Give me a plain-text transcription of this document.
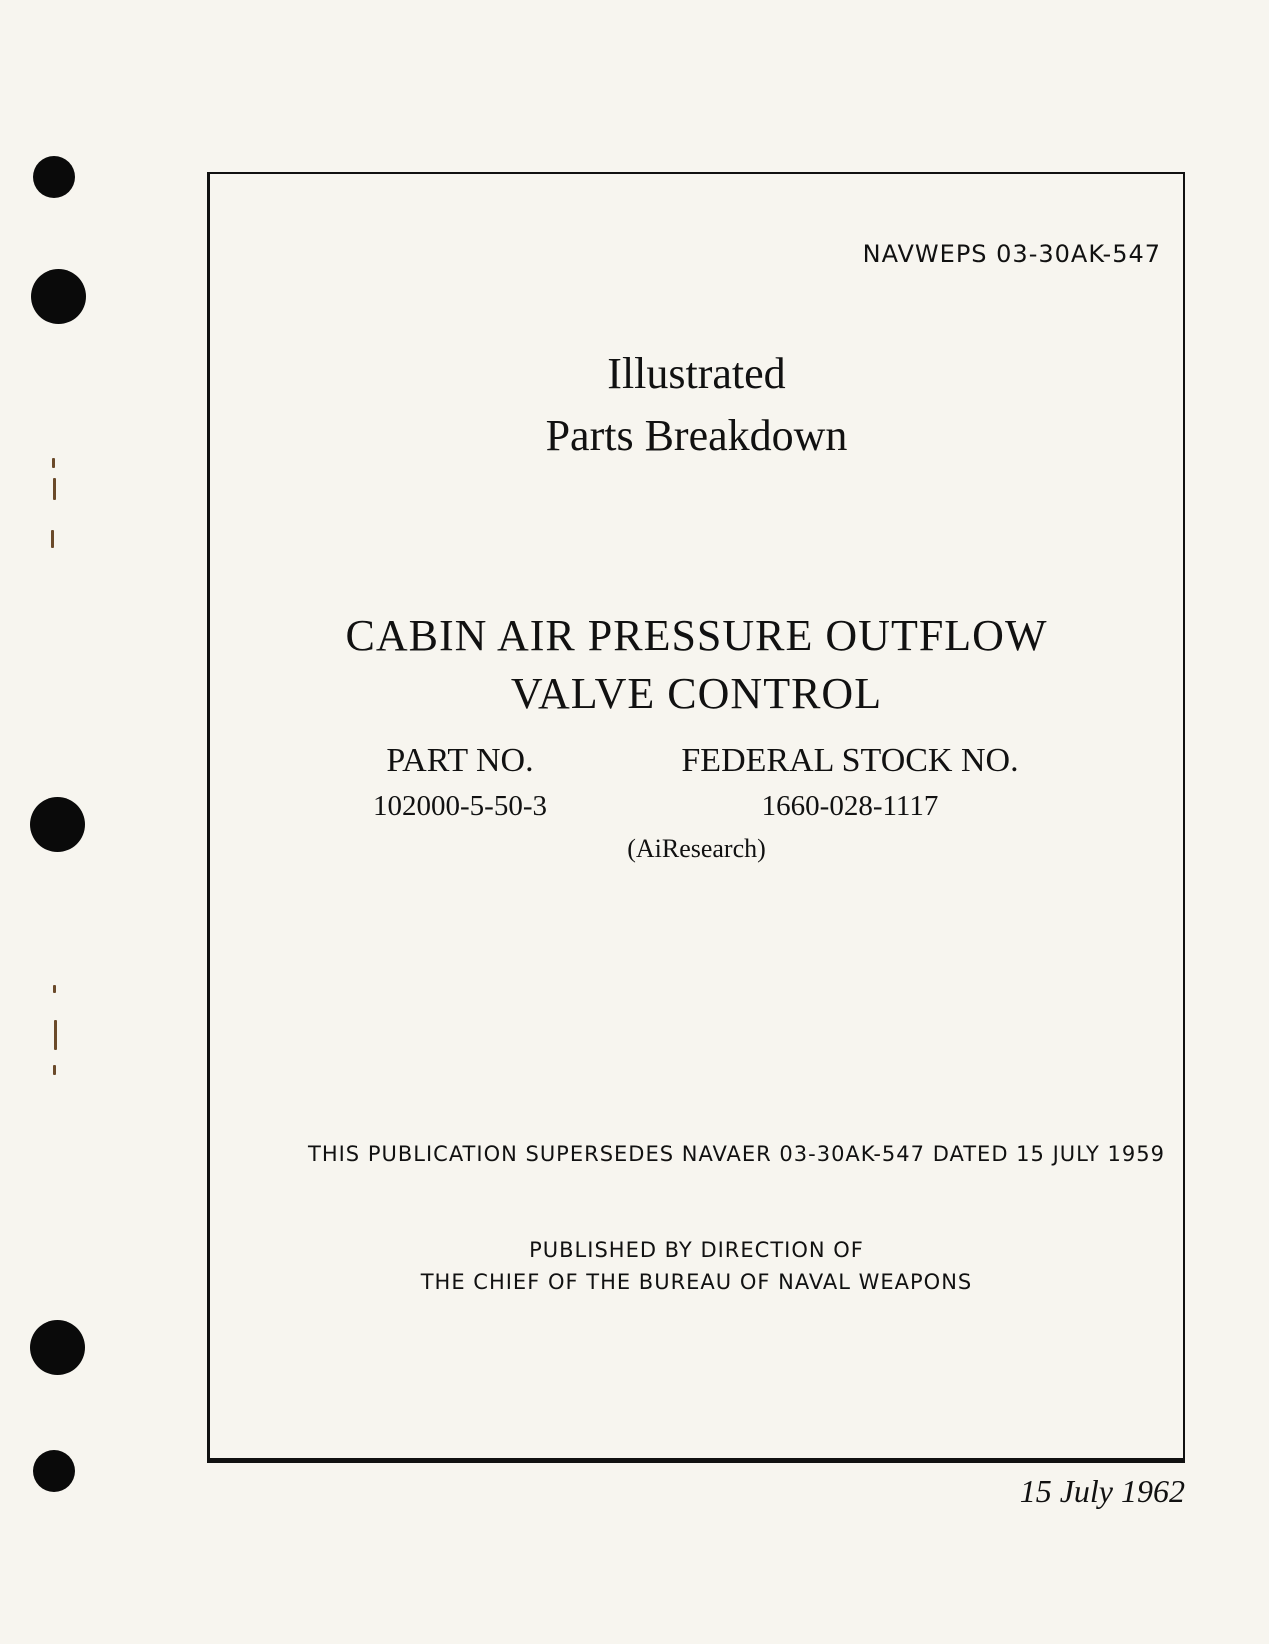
NAVWEPS 03-30AK-547
Illustrated
Parts Breakdown
CABIN AIR PRESSURE OUTFLOW
VALVE CONTROL
PART NO.
102000-5-50-3
FEDERAL STOCK NO.
1660-028-1117
(AiResearch)
THIS PUBLICATION SUPERSEDES NAVAER 03-30AK-547 DATED 15 JULY 1959
PUBLISHED BY DIRECTION OF
THE CHIEF OF THE BUREAU OF NAVAL WEAPONS
15 July 1962
